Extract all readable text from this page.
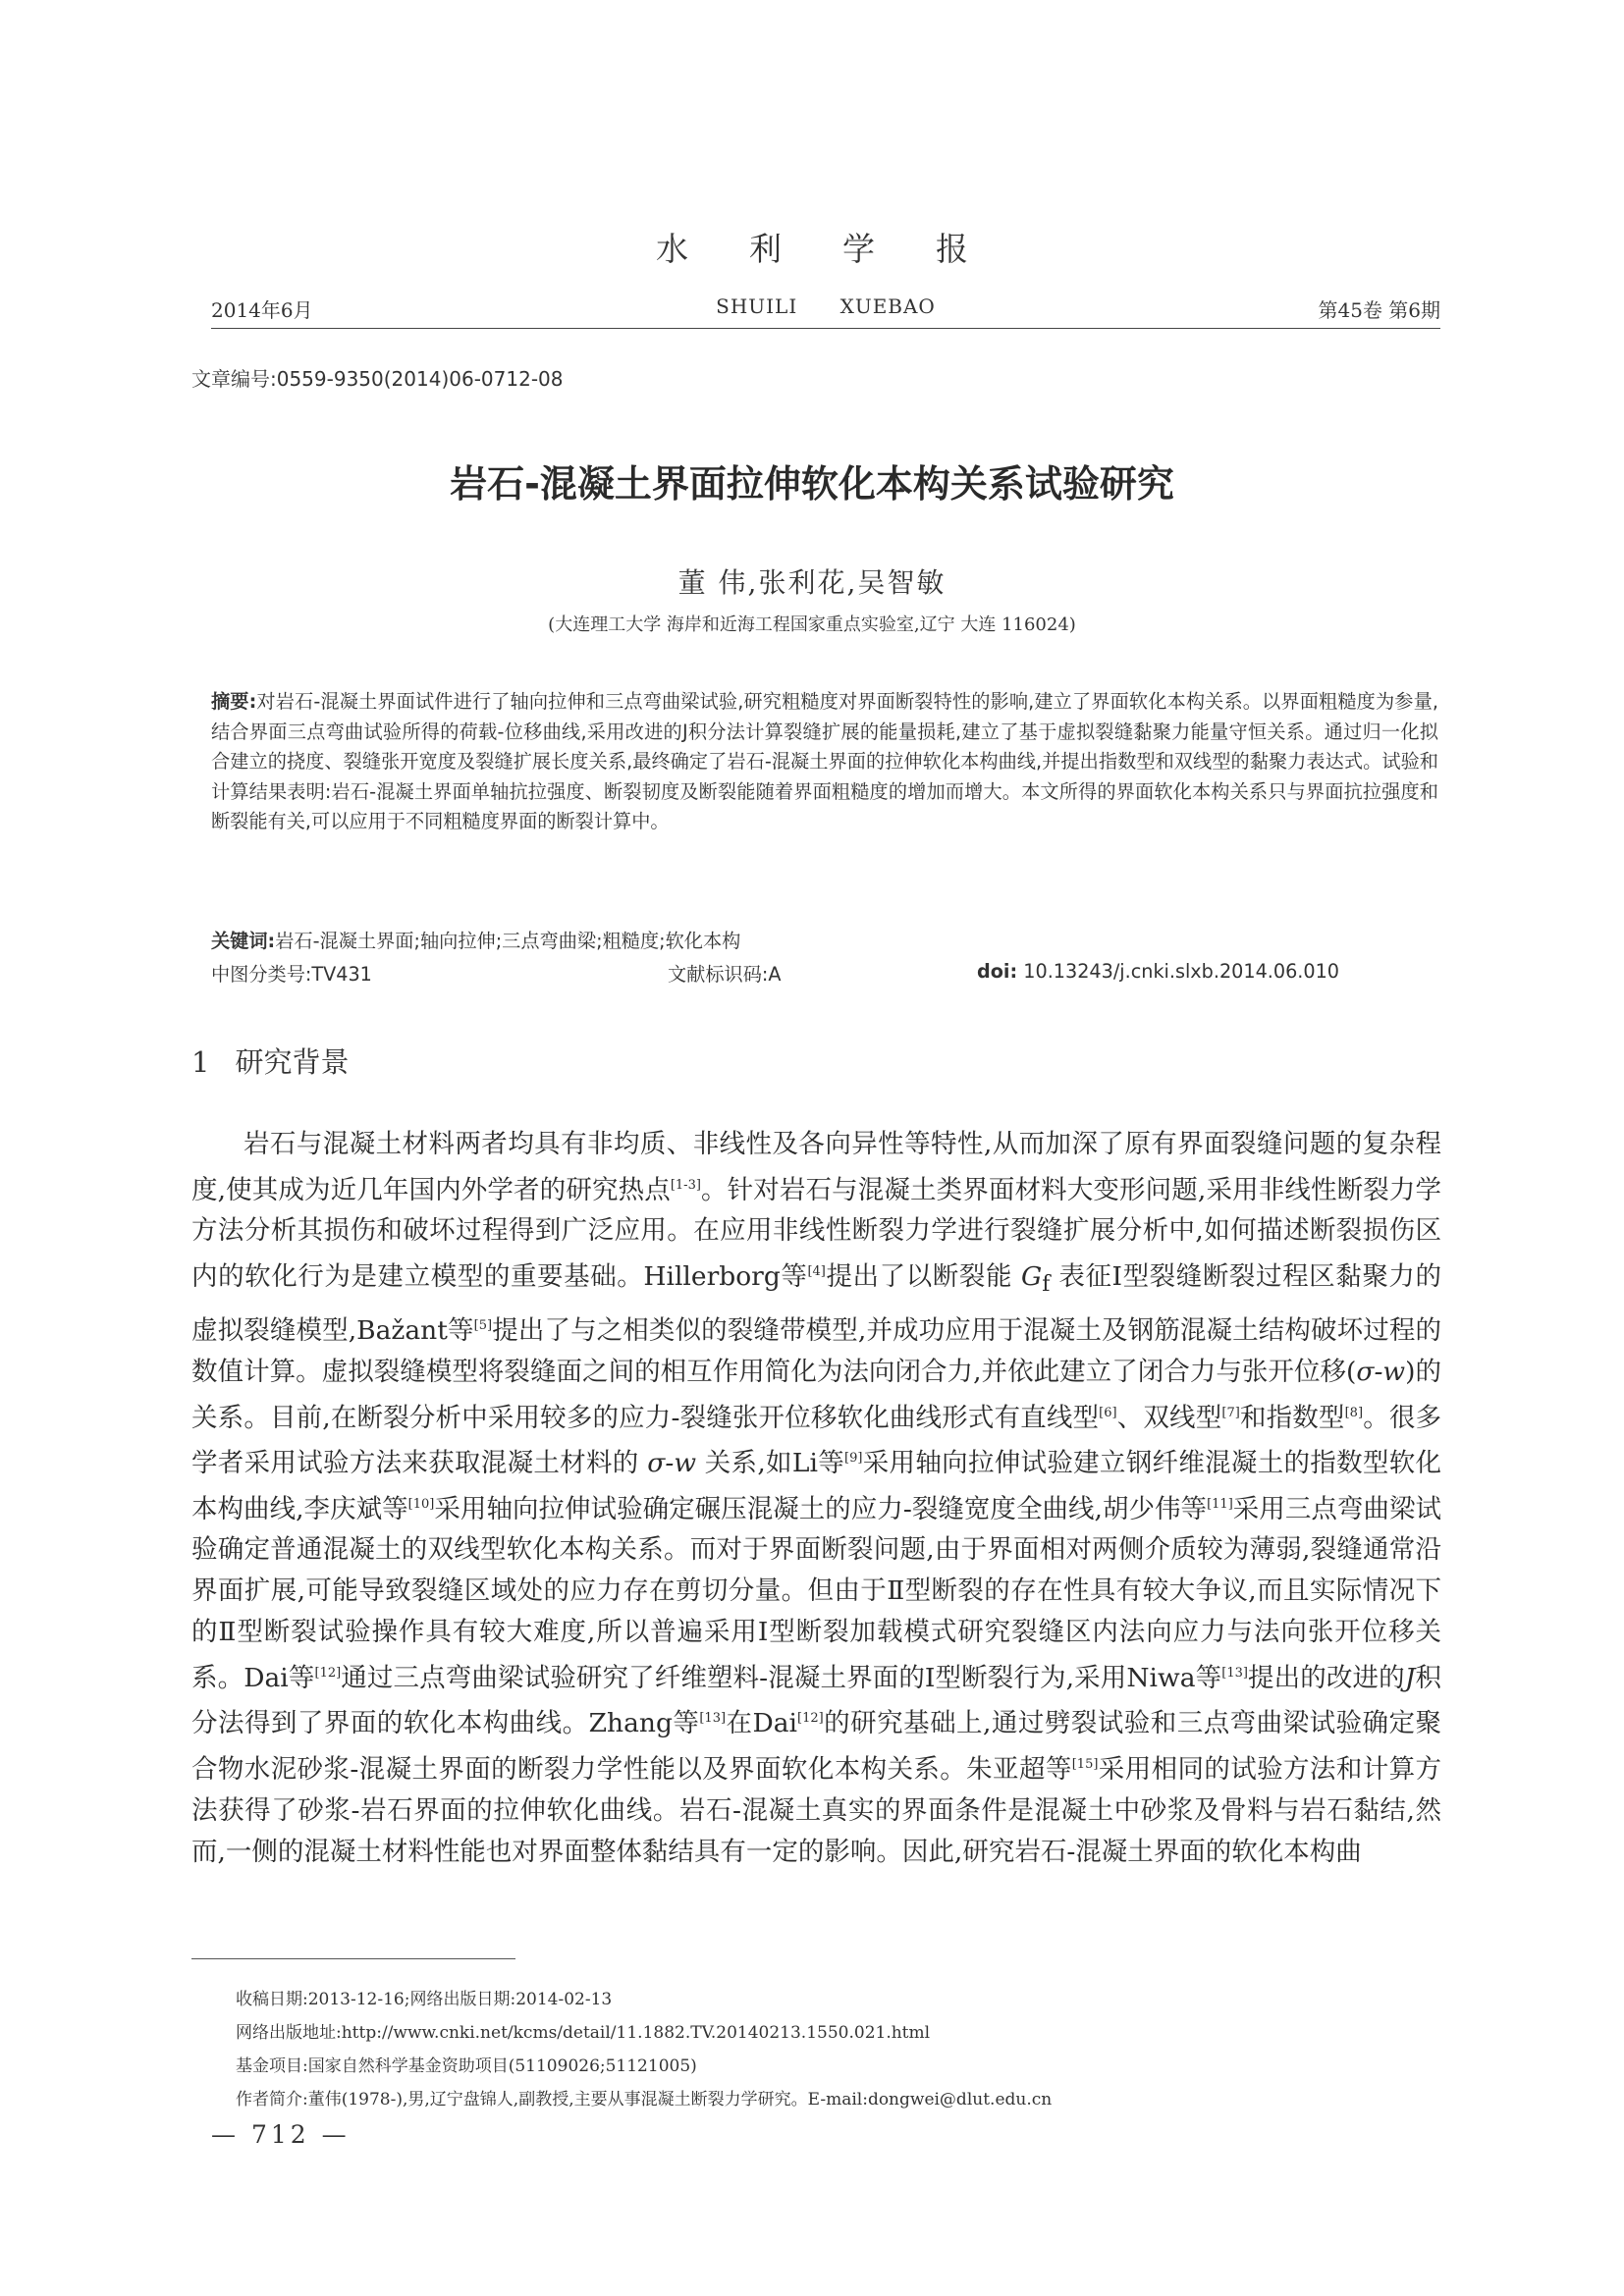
水利学报
2014年6月	SHUILI XUEBAO	第45卷 第6期
文章编号:0559-9350(2014)06-0712-08
岩石-混凝土界面拉伸软化本构关系试验研究
董 伟,张利花,吴智敏
(大连理工大学 海岸和近海工程国家重点实验室,辽宁 大连 116024)
摘要:对岩石-混凝土界面试件进行了轴向拉伸和三点弯曲梁试验,研究粗糙度对界面断裂特性的影响,建立了界面软化本构关系。以界面粗糙度为参量,结合界面三点弯曲试验所得的荷载-位移曲线,采用改进的J积分法计算裂缝扩展的能量损耗,建立了基于虚拟裂缝黏聚力能量守恒关系。通过归一化拟合建立的挠度、裂缝张开宽度及裂缝扩展长度关系,最终确定了岩石-混凝土界面的拉伸软化本构曲线,并提出指数型和双线型的黏聚力表达式。试验和计算结果表明:岩石-混凝土界面单轴抗拉强度、断裂韧度及断裂能随着界面粗糙度的增加而增大。本文所得的界面软化本构关系只与界面抗拉强度和断裂能有关,可以应用于不同粗糙度界面的断裂计算中。
关键词:岩石-混凝土界面;轴向拉伸;三点弯曲梁;粗糙度;软化本构
中图分类号:TV431	文献标识码:A	doi: 10.13243/j.cnki.slxb.2014.06.010
1 研究背景
岩石与混凝土材料两者均具有非均质、非线性及各向异性等特性,从而加深了原有界面裂缝问题的复杂程度,使其成为近几年国内外学者的研究热点[1-3]。针对岩石与混凝土类界面材料大变形问题,采用非线性断裂力学方法分析其损伤和破坏过程得到广泛应用。在应用非线性断裂力学进行裂缝扩展分析中,如何描述断裂损伤区内的软化行为是建立模型的重要基础。Hillerborg等[4]提出了以断裂能 $G_f$ 表征Ⅰ型裂缝断裂过程区黏聚力的虚拟裂缝模型,Bažant等[5]提出了与之相类似的裂缝带模型,并成功应用于混凝土及钢筋混凝土结构破坏过程的数值计算。虚拟裂缝模型将裂缝面之间的相互作用简化为法向闭合力,并依此建立了闭合力与张开位移(σ-w)的关系。目前,在断裂分析中采用较多的应力-裂缝张开位移软化曲线形式有直线型[6]、双线型[7]和指数型[8]。很多学者采用试验方法来获取混凝土材料的 σ-w 关系,如Li等[9]采用轴向拉伸试验建立钢纤维混凝土的指数型软化本构曲线,李庆斌等[10]采用轴向拉伸试验确定碾压混凝土的应力-裂缝宽度全曲线,胡少伟等[11]采用三点弯曲梁试验确定普通混凝土的双线型软化本构关系。而对于界面断裂问题,由于界面相对两侧介质较为薄弱,裂缝通常沿界面扩展,可能导致裂缝区域处的应力存在剪切分量。但由于Ⅱ型断裂的存在性具有较大争议,而且实际情况下的Ⅱ型断裂试验操作具有较大难度,所以普遍采用Ⅰ型断裂加载模式研究裂缝区内法向应力与法向张开位移关系。Dai等[12]通过三点弯曲梁试验研究了纤维塑料-混凝土界面的Ⅰ型断裂行为,采用Niwa等[13]提出的改进的J积分法得到了界面的软化本构曲线。Zhang等[13]在Dai[12]的研究基础上,通过劈裂试验和三点弯曲梁试验确定聚合物水泥砂浆-混凝土界面的断裂力学性能以及界面软化本构关系。朱亚超等[15]采用相同的试验方法和计算方法获得了砂浆-岩石界面的拉伸软化曲线。岩石-混凝土真实的界面条件是混凝土中砂浆及骨料与岩石黏结,然而,一侧的混凝土材料性能也对界面整体黏结具有一定的影响。因此,研究岩石-混凝土界面的软化本构曲
收稿日期:2013-12-16;网络出版日期:2014-02-13
网络出版地址:http://www.cnki.net/kcms/detail/11.1882.TV.20140213.1550.021.html
基金项目:国家自然科学基金资助项目(51109026;51121005)
作者简介:董伟(1978-),男,辽宁盘锦人,副教授,主要从事混凝土断裂力学研究。E-mail:dongwei@dlut.edu.cn
— 712 —
